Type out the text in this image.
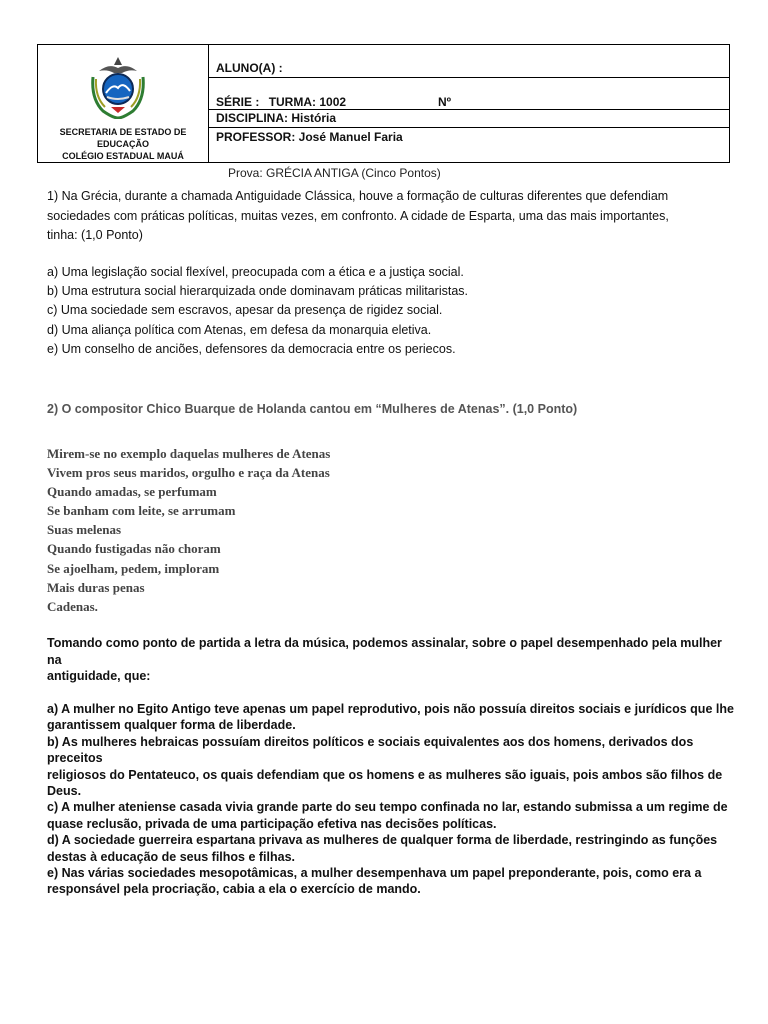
SECRETARIA DE ESTADO DE
EDUCAÇÃO
COLÉGIO ESTADUAL MAUÁ
ALUNO(A) :
SÉRIE : TURMA: 1002	Nº
DISCIPLINA: História
PROFESSOR: José Manuel Faria
Prova: GRÉCIA ANTIGA (Cinco Pontos)

1) Na Grécia, durante a chamada Antiguidade Clássica, houve a formação de culturas diferentes que defendiam

sociedades com práticas políticas, muitas vezes, em confronto. A cidade de Esparta, uma das mais importantes,

tinha: (1,0 Ponto)

a) Uma legislação social flexível, preocupada com a ética e a justiça social.

b) Uma estrutura social hierarquizada onde dominavam práticas militaristas.

c) Uma sociedade sem escravos, apesar da presença de rigidez social.

d) Uma aliança política com Atenas, em defesa da monarquia eletiva.

e) Um conselho de anciões, defensores da democracia entre os periecos.

2) O compositor Chico Buarque de Holanda cantou em “Mulheres de Atenas”. (1,0 Ponto)
Mirem-se no exemplo daquelas mulheres de Atenas
Vivem pros seus maridos, orgulho e raça da Atenas
Quando amadas, se perfumam
Se banham com leite, se arrumam
Suas melenas
Quando fustigadas não choram
Se ajoelham, pedem, imploram
Mais duras penas
Cadenas.
Tomando como ponto de partida a letra da música, podemos assinalar, sobre o papel desempenhado pela mulher na
antiguidade, que:
a) A mulher no Egito Antigo teve apenas um papel reprodutivo, pois não possuía direitos sociais e jurídicos que lhe
garantissem qualquer forma de liberdade.
b) As mulheres hebraicas possuíam direitos políticos e sociais equivalentes aos dos homens, derivados dos preceitos
religiosos do Pentateuco, os quais defendiam que os homens e as mulheres são iguais, pois ambos são filhos de
Deus.
c) A mulher ateniense casada vivia grande parte do seu tempo confinada no lar, estando submissa a um regime de
quase reclusão, privada de uma participação efetiva nas decisões políticas.
d) A sociedade guerreira espartana privava as mulheres de qualquer forma de liberdade, restringindo as funções
destas à educação de seus filhos e filhas.
e) Nas várias sociedades mesopotâmicas, a mulher desempenhava um papel preponderante, pois, como era a
responsável pela procriação, cabia a ela o exercício de mando.
